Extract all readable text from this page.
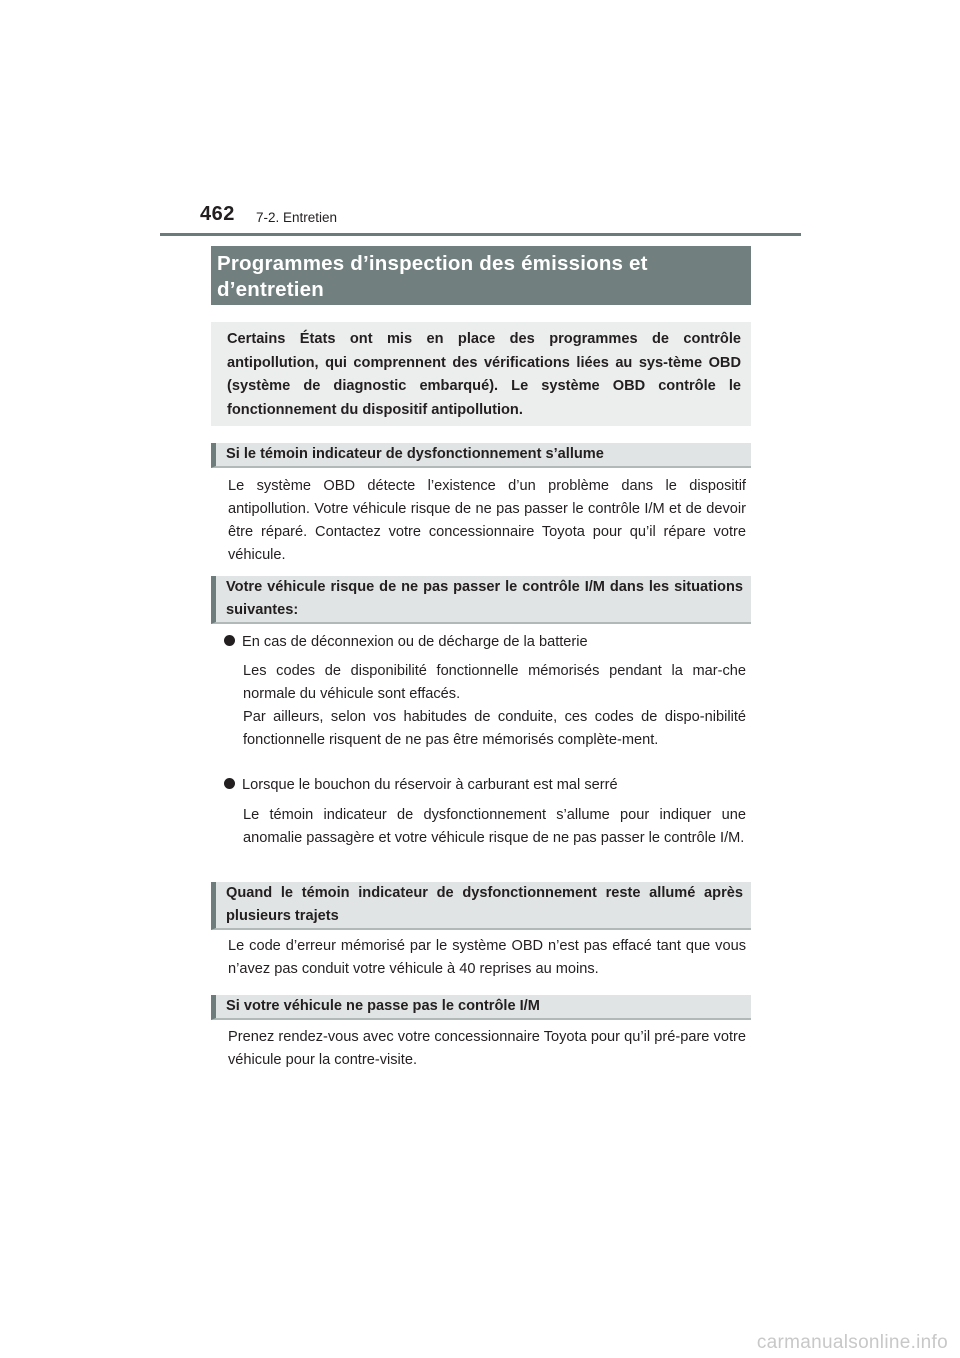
462 7-2. Entretien
Programmes d’inspection des émissions et d’entretien
Certains États ont mis en place des programmes de contrôle antipollution, qui comprennent des vérifications liées au sys-tème OBD (système de diagnostic embarqué). Le système OBD contrôle le fonctionnement du dispositif antipollution.
Si le témoin indicateur de dysfonctionnement s’allume
Le système OBD détecte l’existence d’un problème dans le dispositif antipollution. Votre véhicule risque de ne pas passer le contrôle I/M et de devoir être réparé. Contactez votre concessionnaire Toyota pour qu’il répare votre véhicule.
Votre véhicule risque de ne pas passer le contrôle I/M dans les situations suivantes:
En cas de déconnexion ou de décharge de la batterie
Les codes de disponibilité fonctionnelle mémorisés pendant la mar-che normale du véhicule sont effacés.
Par ailleurs, selon vos habitudes de conduite, ces codes de dispo-nibilité fonctionnelle risquent de ne pas être mémorisés complète-ment.
Lorsque le bouchon du réservoir à carburant est mal serré
Le témoin indicateur de dysfonctionnement s’allume pour indiquer une anomalie passagère et votre véhicule risque de ne pas passer le contrôle I/M.
Quand le témoin indicateur de dysfonctionnement reste allumé après plusieurs trajets
Le code d’erreur mémorisé par le système OBD n’est pas effacé tant que vous n’avez pas conduit votre véhicule à 40 reprises au moins.
Si votre véhicule ne passe pas le contrôle I/M
Prenez rendez-vous avec votre concessionnaire Toyota pour qu’il pré-pare votre véhicule pour la contre-visite.
carmanualsonline.info
